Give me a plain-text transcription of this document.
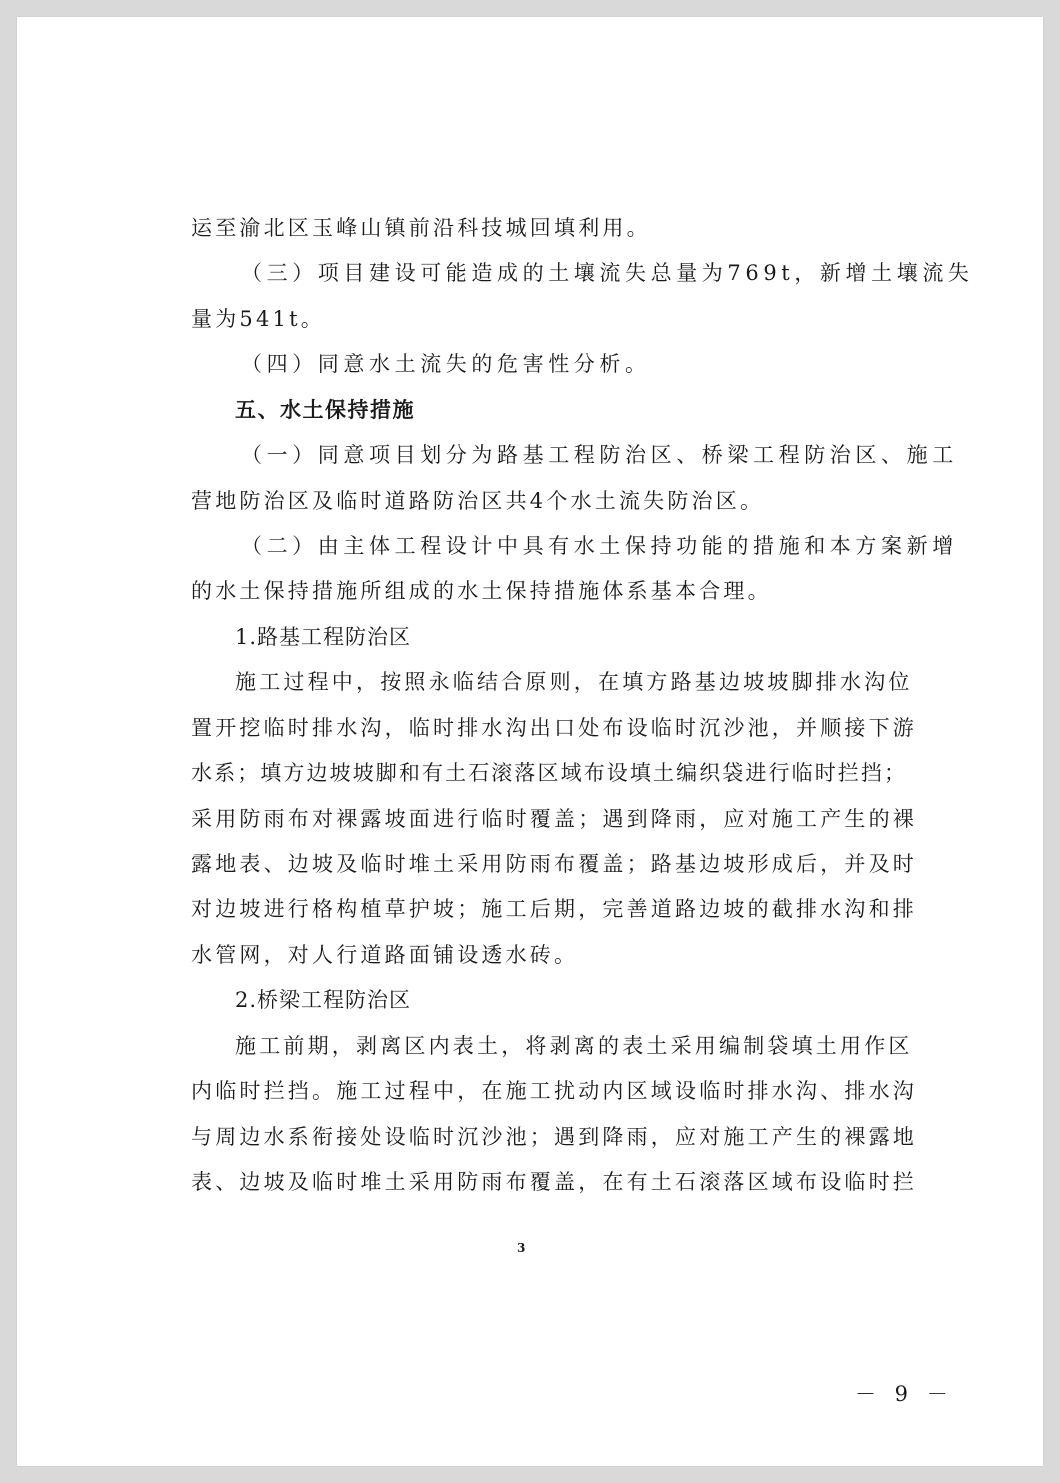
运至渝北区玉峰山镇前沿科技城回填利用。
（三）项目建设可能造成的土壤流失总量为769t，新增土壤流失
量为541t。
（四）同意水土流失的危害性分析。
五、水土保持措施
（一）同意项目划分为路基工程防治区、桥梁工程防治区、施工
营地防治区及临时道路防治区共4个水土流失防治区。
（二）由主体工程设计中具有水土保持功能的措施和本方案新增
的水土保持措施所组成的水土保持措施体系基本合理。
1.路基工程防治区
施工过程中，按照永临结合原则，在填方路基边坡坡脚排水沟位
置开挖临时排水沟，临时排水沟出口处布设临时沉沙池，并顺接下游
水系；填方边坡坡脚和有土石滚落区域布设填土编织袋进行临时拦挡；
采用防雨布对裸露坡面进行临时覆盖；遇到降雨，应对施工产生的裸
露地表、边坡及临时堆土采用防雨布覆盖；路基边坡形成后，并及时
对边坡进行格构植草护坡；施工后期，完善道路边坡的截排水沟和排
水管网，对人行道路面铺设透水砖。
2.桥梁工程防治区
施工前期，剥离区内表土，将剥离的表土采用编制袋填土用作区
内临时拦挡。施工过程中，在施工扰动内区域设临时排水沟、排水沟
与周边水系衔接处设临时沉沙池；遇到降雨，应对施工产生的裸露地
表、边坡及临时堆土采用防雨布覆盖，在有土石滚落区域布设临时拦
3
－ 9 －
